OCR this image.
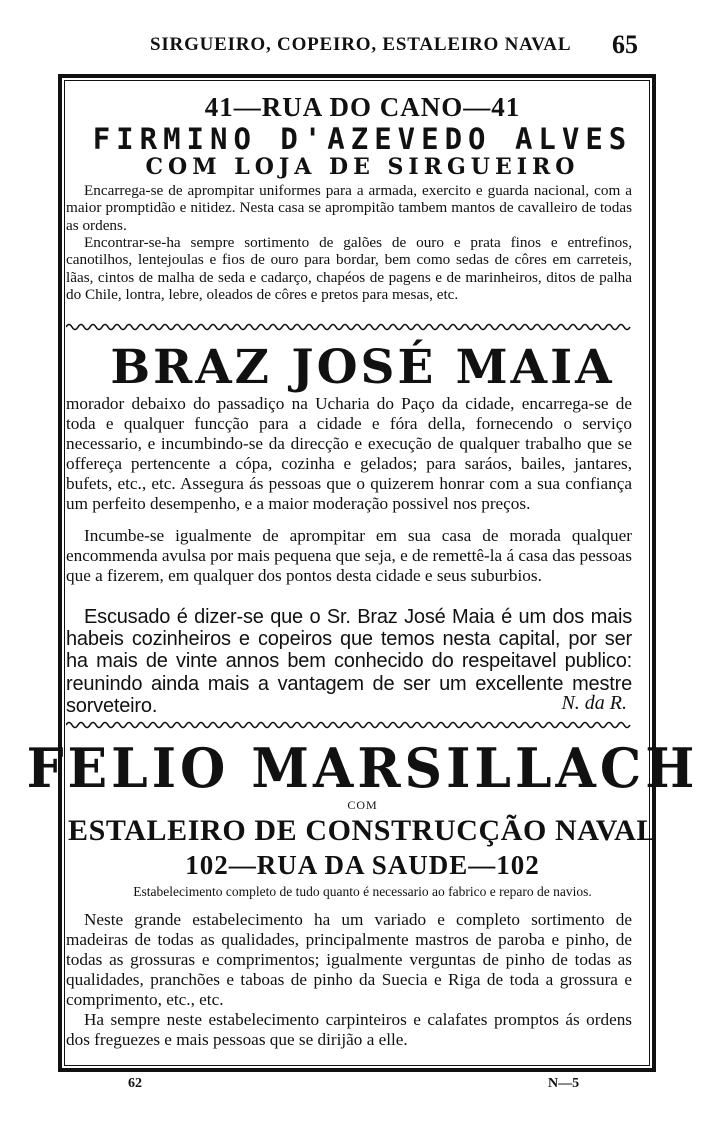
SIRGUEIRO, COPEIRO, ESTALEIRO NAVAL 65
41—RUA DO CANO—41
FIRMINO D'AZEVEDO ALVES
COM LOJA DE SIRGUEIRO
Encarrega-se de aprompitar uniformes para a armada, exercito e guarda nacional, com a maior promptidão e nitidez. Nesta casa se aprompitão tambem mantos de cavalleiro de todas as ordens.
Encontrar-se-ha sempre sortimento de galões de ouro e prata finos e entrefinos, canotilhos, lentejoulas e fios de ouro para bordar, bem como sedas de côres em carreteis, lãas, cintos de malha de seda e cadarço, chapéos de pagens e de marinheiros, ditos de palha do Chile, lontra, lebre, oleados de côres e pretos para mesas, etc.
BRAZ JOSÉ MAIA
morador debaixo do passadiço na Ucharia do Paço da cidade, encarrega-se de toda e qualquer funcção para a cidade e fóra della, fornecendo o serviço necessario, e incumbindo-se da direcção e execução de qualquer trabalho que se offereça pertencente a cópa, cozinha e gelados; para saráos, bailes, jantares, bufets, etc., etc. Assegura ás pessoas que o quizerem honrar com a sua confiança um perfeito desempenho, e a maior moderação possivel nos preços.
Incumbe-se igualmente de aprompitar em sua casa de morada qualquer encommenda avulsa por mais pequena que seja, e de remettê-la á casa das pessoas que a fizerem, em qualquer dos pontos desta cidade e seus suburbios.
Escusado é dizer-se que o Sr. Braz José Maia é um dos mais habeis cozinheiros e copeiros que temos nesta capital, por ser ha mais de vinte annos bem conhecido do respeitavel publico: reunindo ainda mais a vantagem de ser um excellente mestre sorveteiro.	N. da R.
FELIO MARSILLACH
COM
ESTALEIRO DE CONSTRUCÇÃO NAVAL
102—RUA DA SAUDE—102
Estabelecimento completo de tudo quanto é necessario ao fabrico e reparo de navios.
Neste grande estabelecimento ha um variado e completo sortimento de madeiras de todas as qualidades, principalmente mastros de paroba e pinho, de todas as grossuras e comprimentos; igualmente verguntas de pinho de todas as qualidades, pranchões e taboas de pinho da Suecia e Riga de toda a grossura e comprimento, etc., etc.
Ha sempre neste estabelecimento carpinteiros e calafates promptos ás ordens dos freguezes e mais pessoas que se dirijão a elle.
62	N—5
